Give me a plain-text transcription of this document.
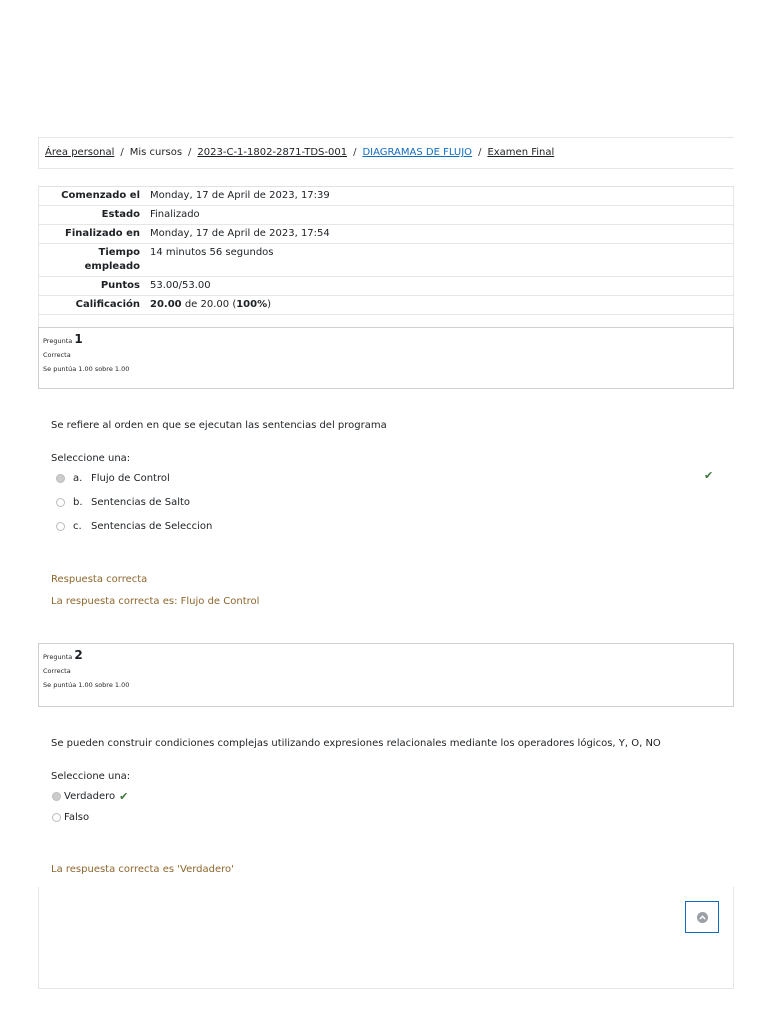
Área personal / Mis cursos / 2023-C-1-1802-2871-TDS-001 / DIAGRAMAS DE FLUJO / Examen Final
Comenzado el	Monday, 17 de April de 2023, 17:39
Estado	Finalizado
Finalizado en	Monday, 17 de April de 2023, 17:54
Tiempo empleado	14 minutos 56 segundos
Puntos	53.00/53.00
Calificación	20.00 de 20.00 (100%)
Pregunta 1
Correcta
Se puntúa 1.00 sobre 1.00
Se refiere al orden en que se ejecutan las sentencias del programa
Seleccione una:
a. Flujo de Control	✔
b. Sentencias de Salto
c. Sentencias de Seleccion
Respuesta correcta
La respuesta correcta es: Flujo de Control
Pregunta 2
Correcta
Se puntúa 1.00 sobre 1.00
Se pueden construir condiciones complejas utilizando expresiones relacionales mediante los operadores lógicos, Y, O, NO
Seleccione una:
Verdadero ✔
Falso
La respuesta correcta es 'Verdadero'
